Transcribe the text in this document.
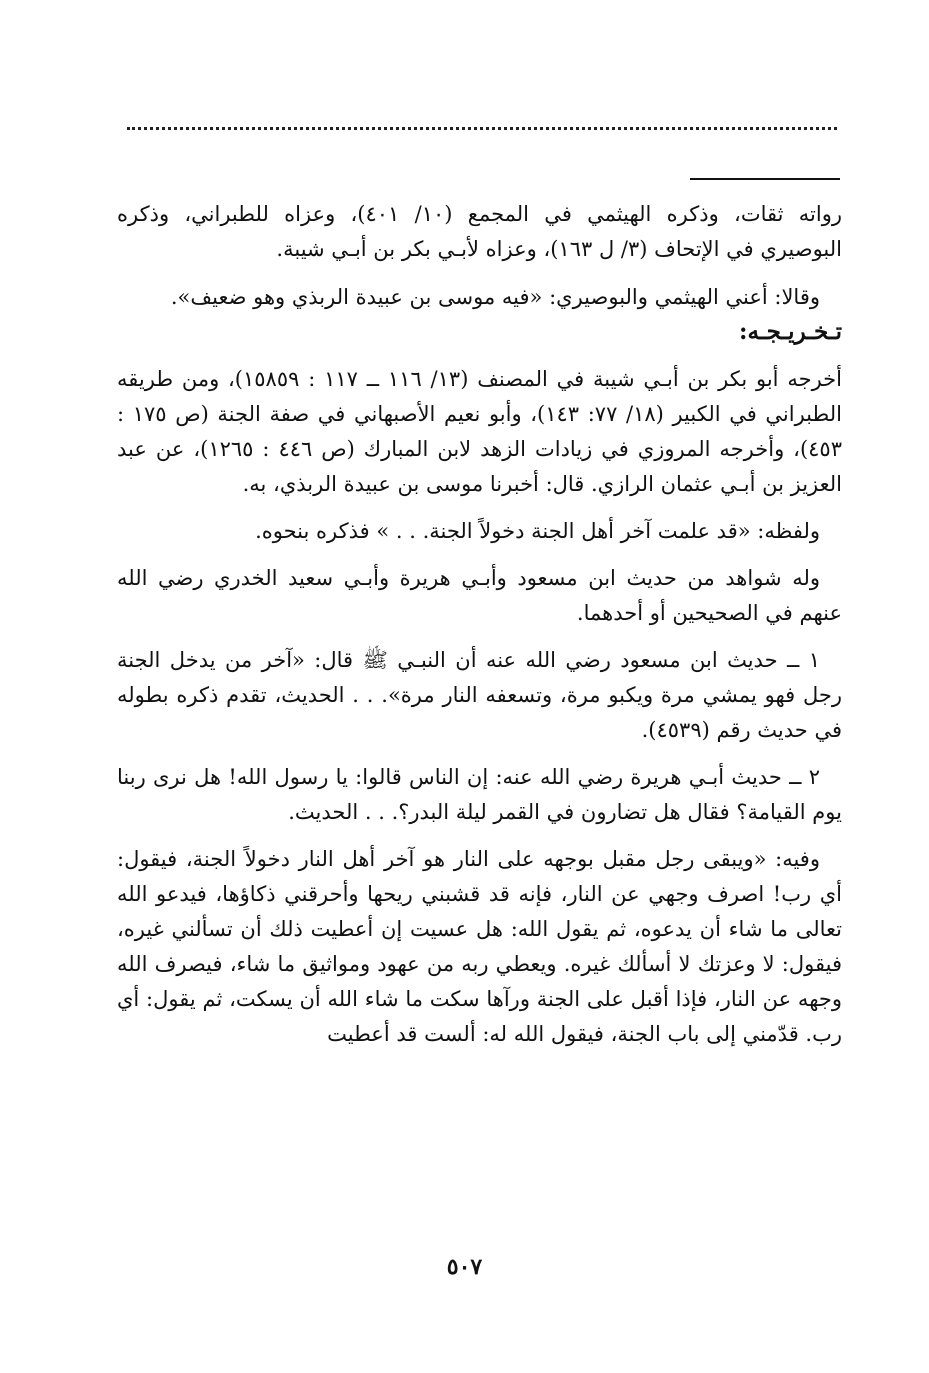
رواته ثقات، وذكره الهيثمي في المجمع (١٠/ ٤٠١)، وعزاه للطبراني، وذكره البوصيري في الإتحاف (٣/ ل ١٦٣)، وعزاه لأبـي بكر بن أبـي شيبة.

وقالا: أعني الهيثمي والبوصيري: «فيه موسى بن عبيدة الربذي وهو ضعيف».

تـخـريـجـه:

أخرجه أبو بكر بن أبـي شيبة في المصنف (١٣/ ١١٦ ــ ١١٧ : ١٥٨٥٩)، ومن طريقه الطبراني في الكبير (١٨/ ٧٧: ١٤٣)، وأبو نعيم الأصبهاني في صفة الجنة (ص ١٧٥ : ٤٥٣)، وأخرجه المروزي في زيادات الزهد لابن المبارك (ص ٤٤٦ : ١٢٦٥)، عن عبد العزيز بن أبـي عثمان الرازي. قال: أخبرنا موسى بن عبيدة الربذي، به.

ولفظه: «قد علمت آخر أهل الجنة دخولاً الجنة. . . » فذكره بنحوه.

وله شواهد من حديث ابن مسعود وأبـي هريرة وأبـي سعيد الخدري رضي الله عنهم في الصحيحين أو أحدهما.

١ ــ حديث ابن مسعود رضي الله عنه أن النبـي ﷺ قال: «آخر من يدخل الجنة رجل فهو يمشي مرة ويكبو مرة، وتسعفه النار مرة». . . الحديث، تقدم ذكره بطوله في حديث رقم (٤٥٣٩).

٢ ــ حديث أبـي هريرة رضي الله عنه: إن الناس قالوا: يا رسول الله! هل نرى ربنا يوم القيامة؟ فقال هل تضارون في القمر ليلة البدر؟. . . الحديث.

وفيه: «ويبقى رجل مقبل بوجهه على النار هو آخر أهل النار دخولاً الجنة، فيقول: أي رب! اصرف وجهي عن النار، فإنه قد قشبني ريحها وأحرقني ذكاؤها، فيدعو الله تعالى ما شاء أن يدعوه، ثم يقول الله: هل عسيت إن أعطيت ذلك أن تسألني غيره، فيقول: لا وعزتك لا أسألك غيره. ويعطي ربه من عهود ومواثيق ما شاء، فيصرف الله وجهه عن النار، فإذا أقبل على الجنة ورآها سكت ما شاء الله أن يسكت، ثم يقول: أي رب. قدّمني إلى باب الجنة، فيقول الله له: ألست قد أعطيت

٥٠٧
